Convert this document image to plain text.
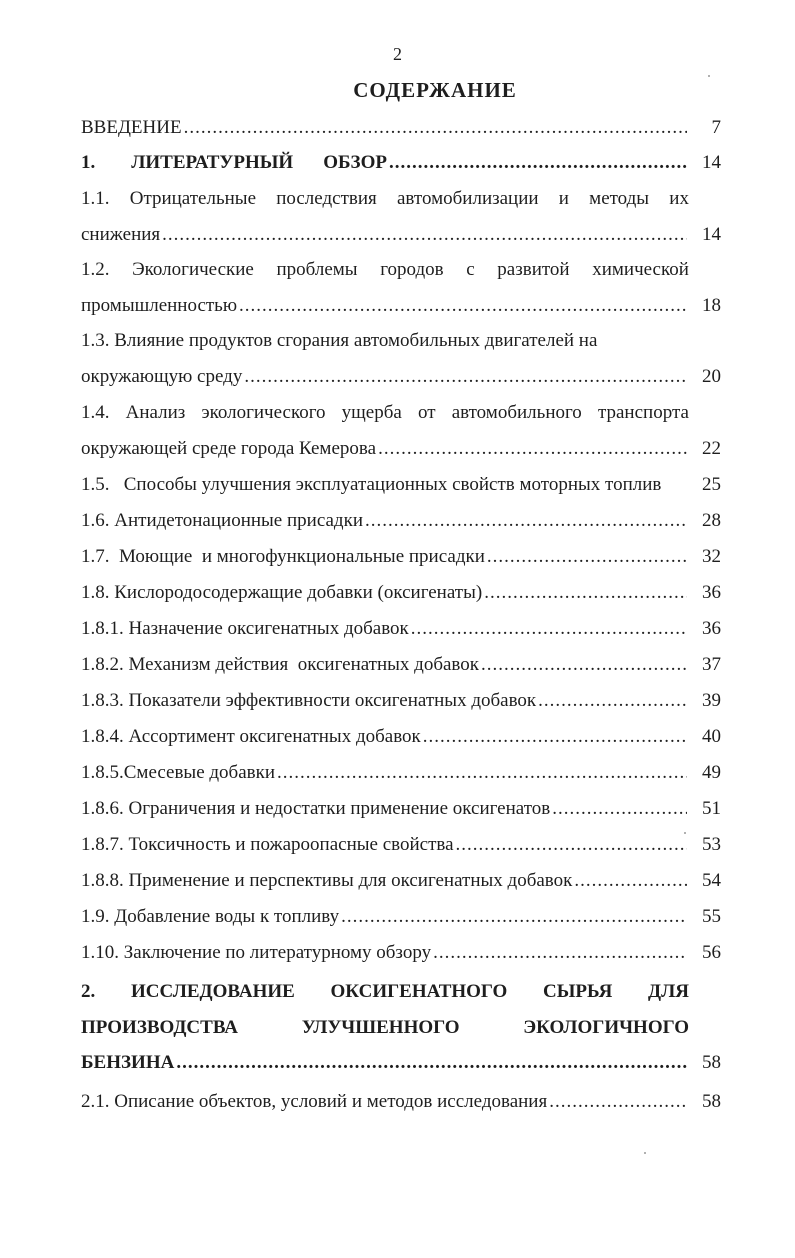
2
СОДЕРЖАНИЕ
ВВЕДЕНИЕ .....	7
1. ЛИТЕРАТУРНЫЙ ОБЗОР .....	14
1.1. Отрицательные последствия автомобилизации и методы их
снижения .....	14
1.2. Экологические проблемы городов с развитой химической
промышленностью .....	18
1.3. Влияние продуктов сгорания автомобильных двигателей на
окружающую среду .....	20
1.4. Анализ экологического ущерба от автомобильного транспорта
окружающей среде города Кемерова .....	22
1.5.   Способы улучшения эксплуатационных свойств моторных топлив	25
1.6. Антидетонационные присадки .....	28
1.7.  Моющие  и многофункциональные присадки .....	32
1.8. Кислородосодержащие добавки (оксигенаты) .....	36
1.8.1. Назначение оксигенатных добавок .....	36
1.8.2. Механизм действия  оксигенатных добавок .....	37
1.8.3. Показатели эффективности оксигенатных добавок .....	39
1.8.4. Ассортимент оксигенатных добавок .....	40
1.8.5.Смесевые добавки .....	49
1.8.6. Ограничения и недостатки применение оксигенатов .....	51
1.8.7. Токсичность и пожароопасные свойства .....	53
1.8.8. Применение и перспективы для оксигенатных добавок .....	54
1.9. Добавление воды к топливу .....	55
1.10. Заключение по литературному обзору .....	56
2. ИССЛЕДОВАНИЕ ОКСИГЕНАТНОГО СЫРЬЯ ДЛЯ
ПРОИЗВОДСТВА	УЛУЧШЕННОГО	ЭКОЛОГИЧНОГО
БЕНЗИНА .....	58
2.1. Описание объектов, условий и методов исследования .....	58
